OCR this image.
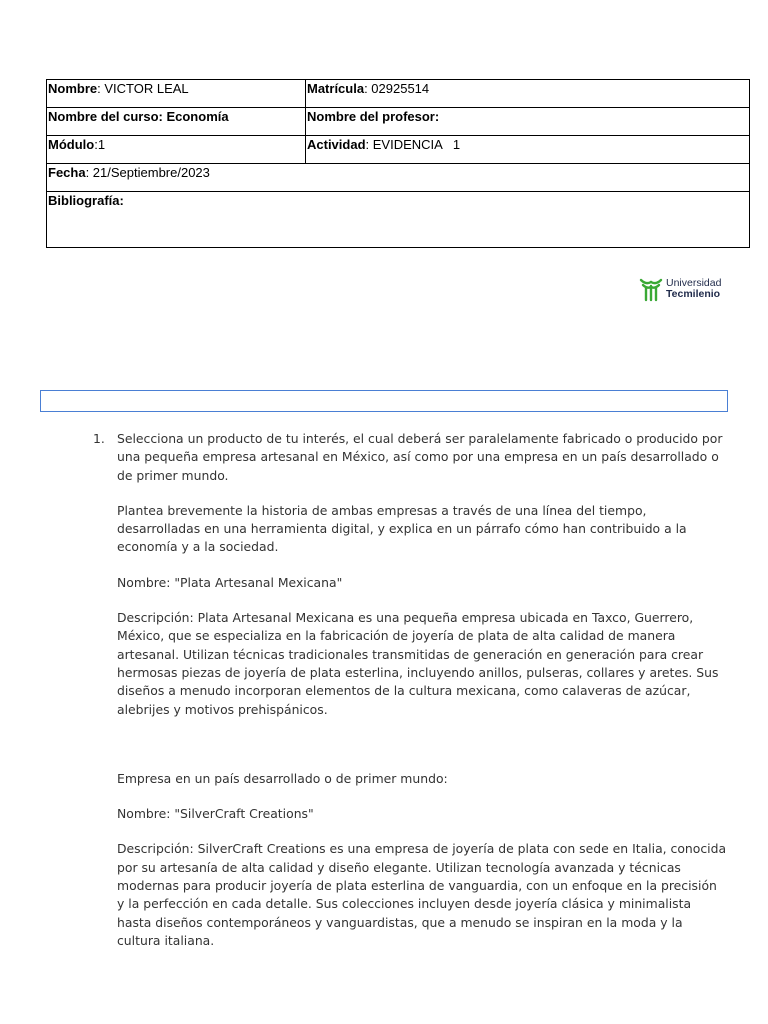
Nombre: VICTOR LEAL	Matrícula: 02925514
Nombre del curso: Economía	Nombre del profesor:
Módulo:1	Actividad: EVIDENCIA   1
Fecha: 21/Septiembre/2023	
Bibliografía:	
Universidad
Tecmilenio
1. Selecciona un producto de tu interés, el cual deberá ser paralelamente fabricado o producido por una pequeña empresa artesanal en México, así como por una empresa en un país desarrollado o de primer mundo.

Plantea brevemente la historia de ambas empresas a través de una línea del tiempo, desarrolladas en una herramienta digital, y explica en un párrafo cómo han contribuido a la economía y a la sociedad.

Nombre: "Plata Artesanal Mexicana"

Descripción: Plata Artesanal Mexicana es una pequeña empresa ubicada en Taxco, Guerrero, México, que se especializa en la fabricación de joyería de plata de alta calidad de manera artesanal. Utilizan técnicas tradicionales transmitidas de generación en generación para crear hermosas piezas de joyería de plata esterlina, incluyendo anillos, pulseras, collares y aretes. Sus diseños a menudo incorporan elementos de la cultura mexicana, como calaveras de azúcar, alebrijes y motivos prehispánicos.

Empresa en un país desarrollado o de primer mundo:

Nombre: "SilverCraft Creations"

Descripción: SilverCraft Creations es una empresa de joyería de plata con sede en Italia, conocida por su artesanía de alta calidad y diseño elegante. Utilizan tecnología avanzada y técnicas modernas para producir joyería de plata esterlina de vanguardia, con un enfoque en la precisión y la perfección en cada detalle. Sus colecciones incluyen desde joyería clásica y minimalista hasta diseños contemporáneos y vanguardistas, que a menudo se inspiran en la moda y la cultura italiana.
